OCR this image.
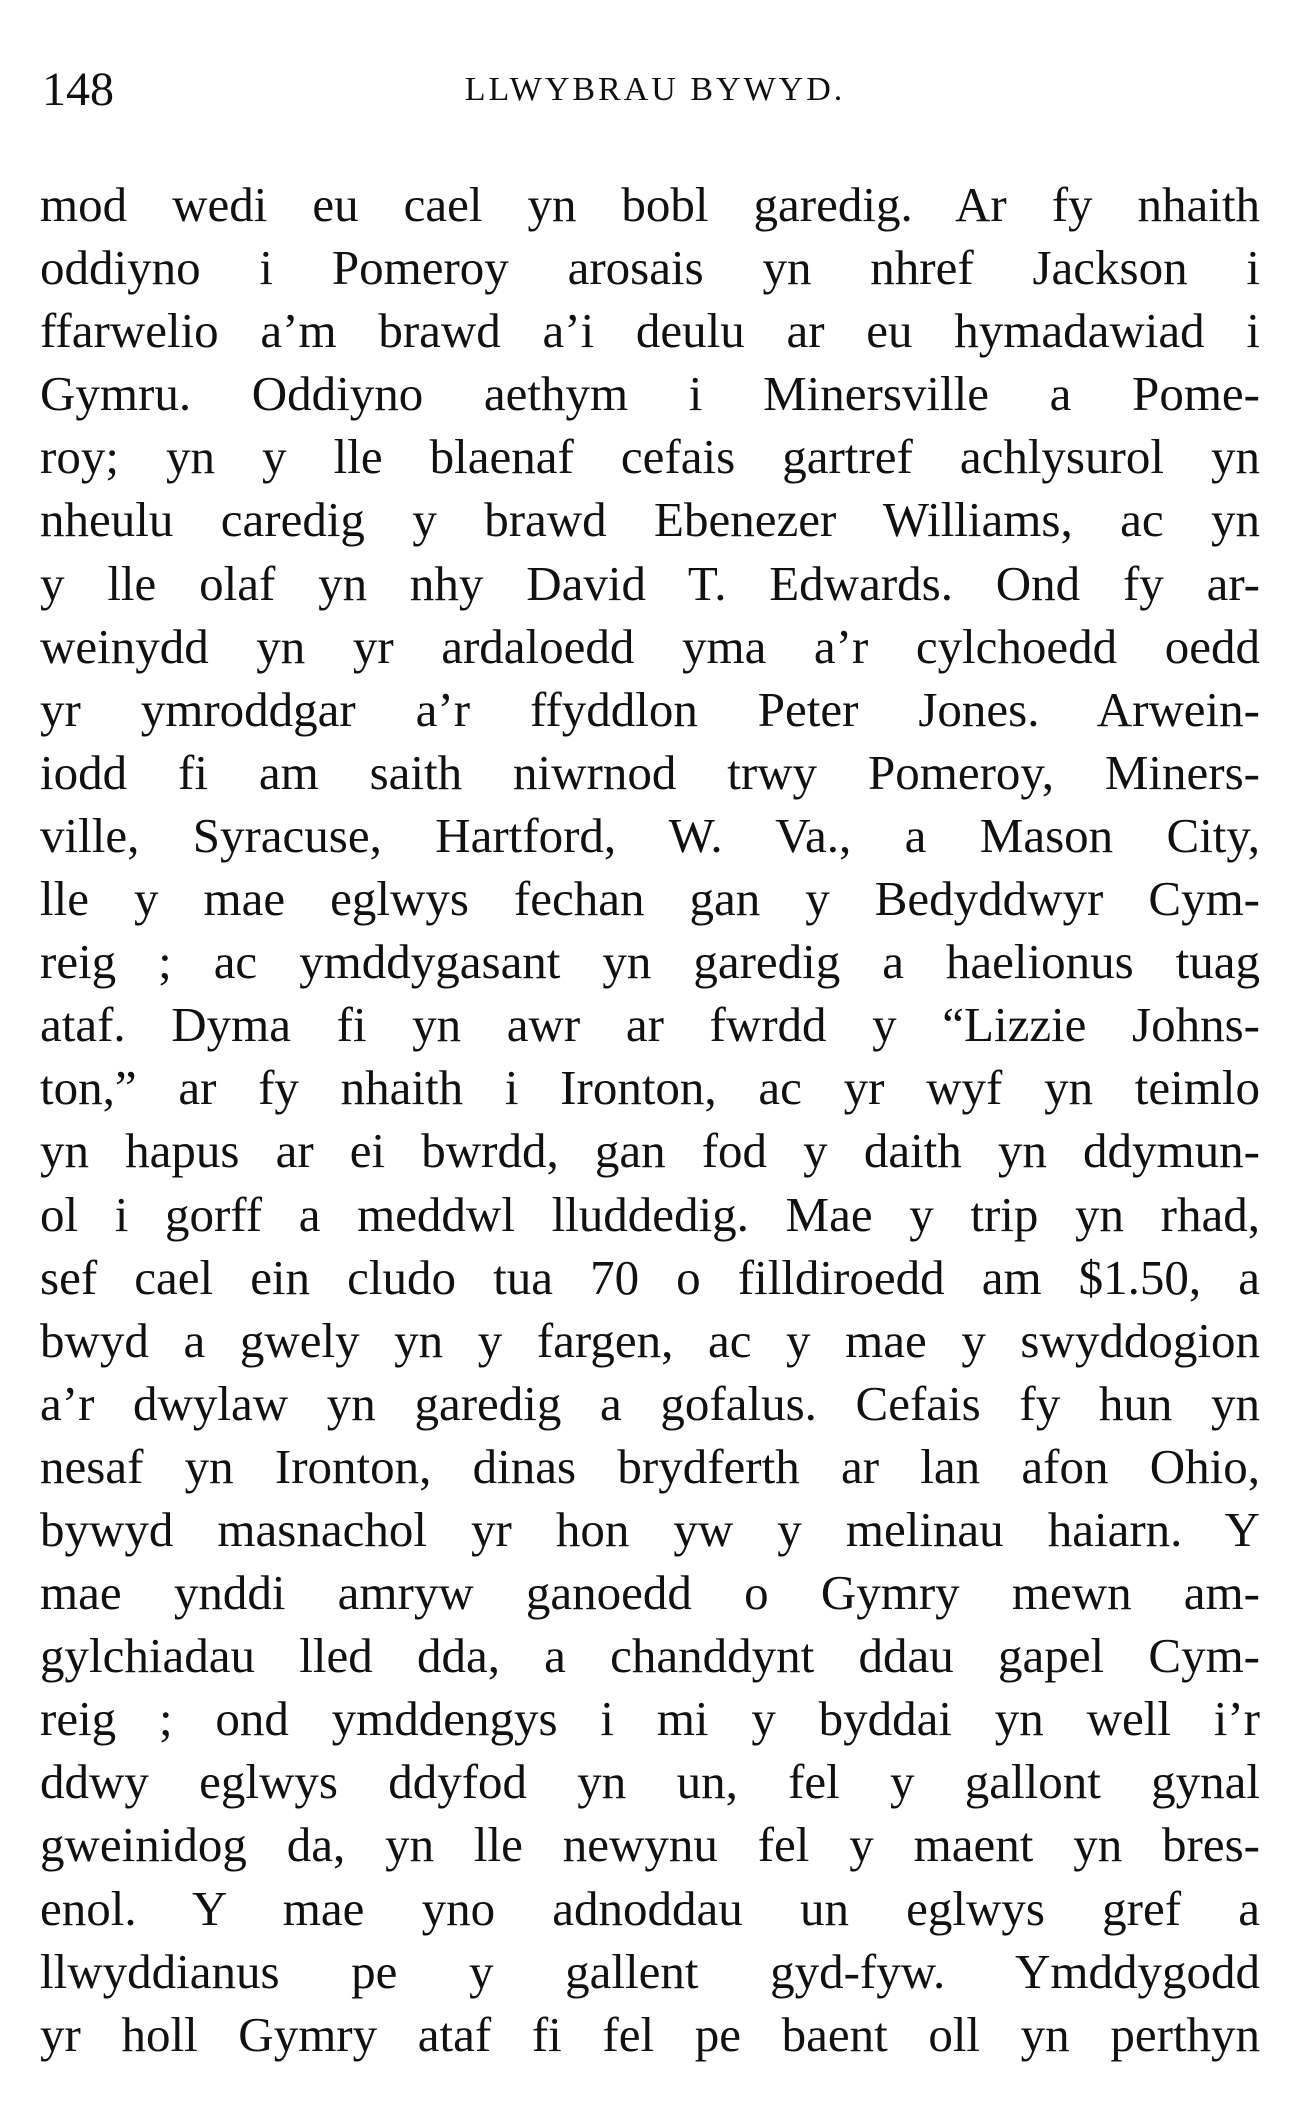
148	LLWYBRAU BYWYD.
mod wedi eu cael yn bobl garedig. Ar fy nhaith
oddiyno i Pomeroy arosais yn nhref Jackson i
ffarwelio a’m brawd a’i deulu ar eu hymadawiad i
Gymru. Oddiyno aethym i Minersville a Pome-
roy; yn y lle blaenaf cefais gartref achlysurol yn
nheulu caredig y brawd Ebenezer Williams, ac yn
y lle olaf yn nhy David T. Edwards. Ond fy ar-
weinydd yn yr ardaloedd yma a’r cylchoedd oedd
yr ymroddgar a’r ffyddlon Peter Jones. Arwein-
iodd fi am saith niwrnod trwy Pomeroy, Miners-
ville, Syracuse, Hartford, W. Va., a Mason City,
lle y mae eglwys fechan gan y Bedyddwyr Cym-
reig ; ac ymddygasant yn garedig a haelionus tuag
ataf. Dyma fi yn awr ar fwrdd y “Lizzie Johns-
ton,” ar fy nhaith i Ironton, ac yr wyf yn teimlo
yn hapus ar ei bwrdd, gan fod y daith yn ddymun-
ol i gorff a meddwl lluddedig. Mae y trip yn rhad,
sef cael ein cludo tua 70 o filldiroedd am $1.50, a
bwyd a gwely yn y fargen, ac y mae y swyddogion
a’r dwylaw yn garedig a gofalus. Cefais fy hun yn
nesaf yn Ironton, dinas brydferth ar lan afon Ohio,
bywyd masnachol yr hon yw y melinau haiarn. Y
mae ynddi amryw ganoedd o Gymry mewn am-
gylchiadau lled dda, a chanddynt ddau gapel Cym-
reig ; ond ymddengys i mi y byddai yn well i’r
ddwy eglwys ddyfod yn un, fel y gallont gynal
gweinidog da, yn lle newynu fel y maent yn bres-
enol. Y mae yno adnoddau un eglwys gref a
llwyddianus pe y gallent gyd-fyw. Ymddygodd
yr holl Gymry ataf fi fel pe baent oll yn perthyn
